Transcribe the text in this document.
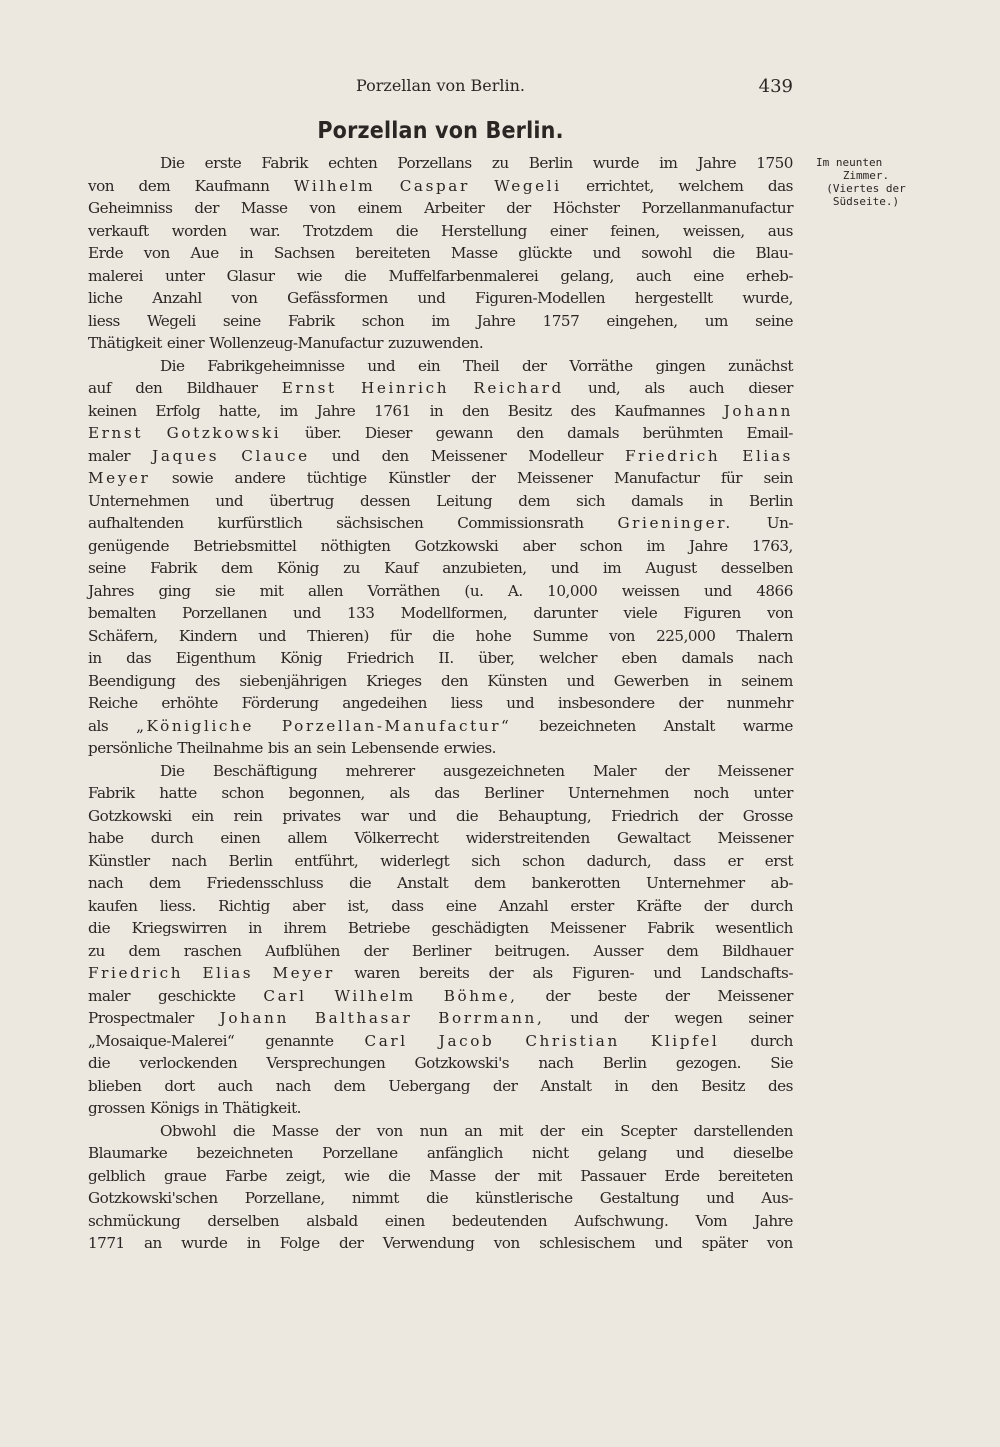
Porzellan von Berlin.	439
Porzellan von Berlin.
Im neunten
Zimmer.
(Viertes der
Südseite.)
Die erste Fabrik echten Porzellans zu Berlin wurde im Jahre 1750
von dem Kaufmann Wilhelm Caspar Wegeli errichtet, welchem das
Geheimniss der Masse von einem Arbeiter der Höchster Porzellanmanufactur
verkauft worden war. Trotzdem die Herstellung einer feinen, weissen, aus
Erde von Aue in Sachsen bereiteten Masse glückte und sowohl die Blau-
malerei unter Glasur wie die Muffelfarbenmalerei gelang, auch eine erheb-
liche Anzahl von Gefässformen und Figuren-Modellen hergestellt wurde,
liess Wegeli seine Fabrik schon im Jahre 1757 eingehen, um seine
Thätigkeit einer Wollenzeug-Manufactur zuzuwenden.
Die Fabrikgeheimnisse und ein Theil der Vorräthe gingen zunächst
auf den Bildhauer Ernst Heinrich Reichard und, als auch dieser
keinen Erfolg hatte, im Jahre 1761 in den Besitz des Kaufmannes Johann
Ernst Gotzkowski über. Dieser gewann den damals berühmten Email-
maler Jaques Clauce und den Meissener Modelleur Friedrich Elias
Meyer sowie andere tüchtige Künstler der Meissener Manufactur für sein
Unternehmen und übertrug dessen Leitung dem sich damals in Berlin
aufhaltenden kurfürstlich sächsischen Commissionsrath Grieninger. Un-
genügende Betriebsmittel nöthigten Gotzkowski aber schon im Jahre 1763,
seine Fabrik dem König zu Kauf anzubieten, und im August desselben
Jahres ging sie mit allen Vorräthen (u. A. 10,000 weissen und 4866
bemalten Porzellanen und 133 Modellformen, darunter viele Figuren von
Schäfern, Kindern und Thieren) für die hohe Summe von 225,000 Thalern
in das Eigenthum König Friedrich II. über, welcher eben damals nach
Beendigung des siebenjährigen Krieges den Künsten und Gewerben in seinem
Reiche erhöhte Förderung angedeihen liess und insbesondere der nunmehr
als „Königliche Porzellan-Manufactur“ bezeichneten Anstalt warme
persönliche Theilnahme bis an sein Lebensende erwies.
Die Beschäftigung mehrerer ausgezeichneten Maler der Meissener
Fabrik hatte schon begonnen, als das Berliner Unternehmen noch unter
Gotzkowski ein rein privates war und die Behauptung, Friedrich der Grosse
habe durch einen allem Völkerrecht widerstreitenden Gewaltact Meissener
Künstler nach Berlin entführt, widerlegt sich schon dadurch, dass er erst
nach dem Friedensschluss die Anstalt dem bankerotten Unternehmer ab-
kaufen liess. Richtig aber ist, dass eine Anzahl erster Kräfte der durch
die Kriegswirren in ihrem Betriebe geschädigten Meissener Fabrik wesentlich
zu dem raschen Aufblühen der Berliner beitrugen. Ausser dem Bildhauer
Friedrich Elias Meyer waren bereits der als Figuren- und Landschafts-
maler geschickte Carl Wilhelm Böhme, der beste der Meissener
Prospectmaler Johann Balthasar Borrmann, und der wegen seiner
„Mosaique-Malerei“ genannte Carl Jacob Christian Klipfel durch
die verlockenden Versprechungen Gotzkowski's nach Berlin gezogen. Sie
blieben dort auch nach dem Uebergang der Anstalt in den Besitz des
grossen Königs in Thätigkeit.
Obwohl die Masse der von nun an mit der ein Scepter darstellenden
Blaumarke bezeichneten Porzellane anfänglich nicht gelang und dieselbe
gelblich graue Farbe zeigt, wie die Masse der mit Passauer Erde bereiteten
Gotzkowski'schen Porzellane, nimmt die künstlerische Gestaltung und Aus-
schmückung derselben alsbald einen bedeutenden Aufschwung. Vom Jahre
1771 an wurde in Folge der Verwendung von schlesischem und später von
